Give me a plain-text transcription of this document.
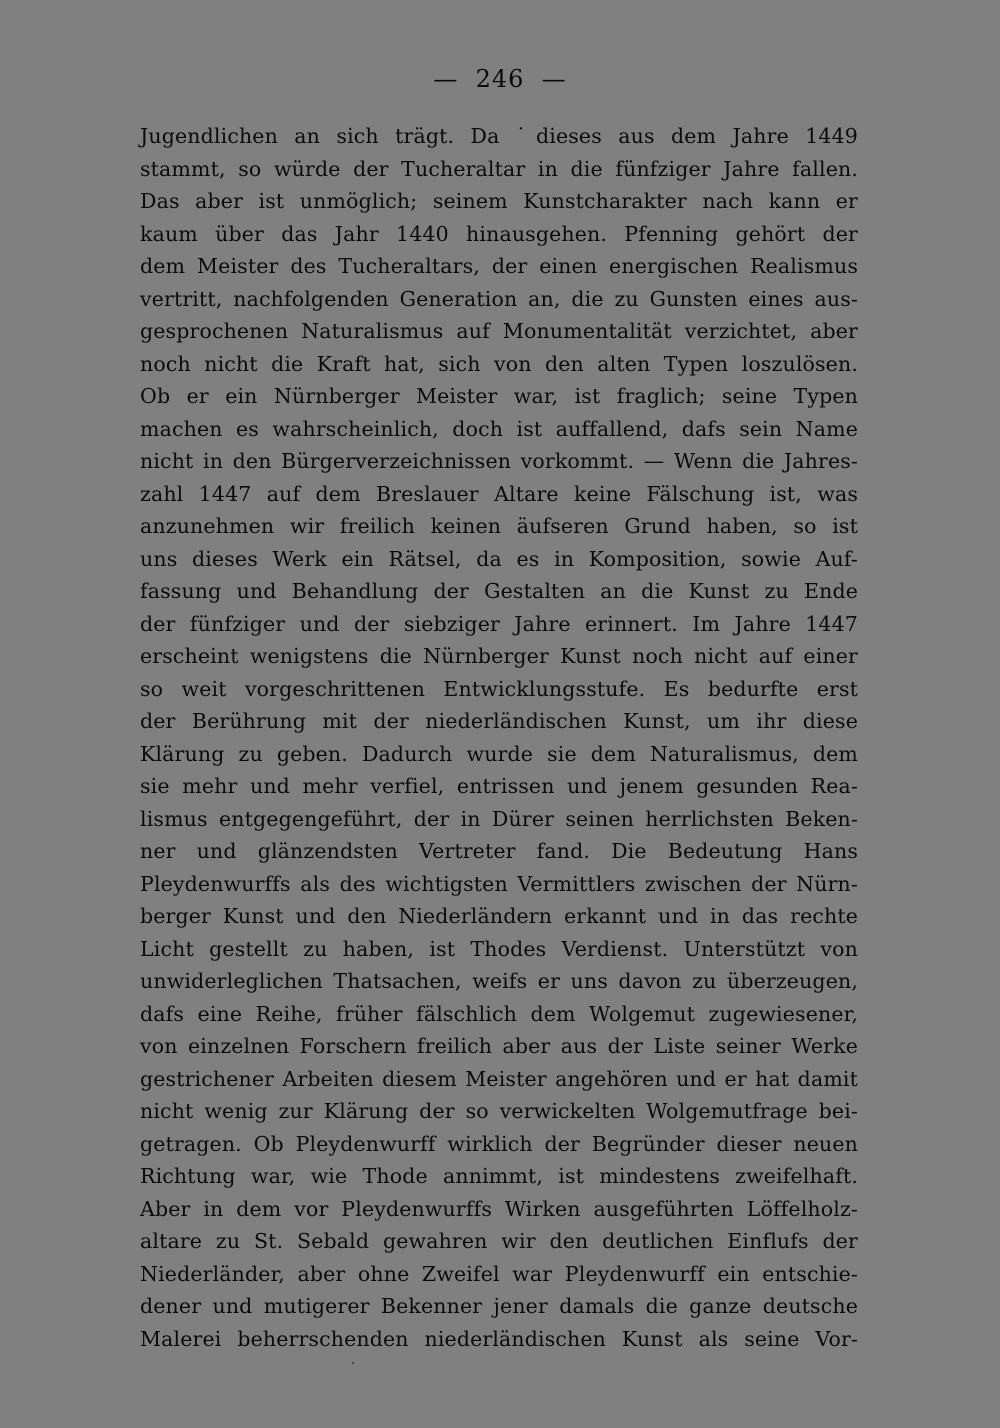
—  246  —
Jugendlichen an sich trägt. Da ˙dieses aus dem Jahre 1449
stammt, so würde der Tucheraltar in die fünfziger Jahre fallen.
Das aber ist unmöglich; seinem Kunstcharakter nach kann er
kaum über das Jahr 1440 hinausgehen. Pfenning gehört der
dem Meister des Tucheraltars, der einen energischen Realismus
vertritt, nachfolgenden Generation an, die zu Gunsten eines aus-
gesprochenen Naturalismus auf Monumentalität verzichtet, aber
noch nicht die Kraft hat, sich von den alten Typen loszulösen.
Ob er ein Nürnberger Meister war, ist fraglich; seine Typen
machen es wahrscheinlich, doch ist auffallend, dafs sein Name
nicht in den Bürgerverzeichnissen vorkommt. — Wenn die Jahres-
zahl 1447 auf dem Breslauer Altare keine Fälschung ist, was
anzunehmen wir freilich keinen äufseren Grund haben, so ist
uns dieses Werk ein Rätsel, da es in Komposition, sowie Auf-
fassung und Behandlung der Gestalten an die Kunst zu Ende
der fünfziger und der siebziger Jahre erinnert. Im Jahre 1447
erscheint wenigstens die Nürnberger Kunst noch nicht auf einer
so weit vorgeschrittenen Entwicklungsstufe. Es bedurfte erst
der Berührung mit der niederländischen Kunst, um ihr diese
Klärung zu geben. Dadurch wurde sie dem Naturalismus, dem
sie mehr und mehr verfiel, entrissen und jenem gesunden Rea-
lismus entgegengeführt, der in Dürer seinen herrlichsten Beken-
ner und glänzendsten Vertreter fand. Die Bedeutung Hans
Pleydenwurffs als des wichtigsten Vermittlers zwischen der Nürn-
berger Kunst und den Niederländern erkannt und in das rechte
Licht gestellt zu haben, ist Thodes Verdienst. Unterstützt von
unwiderleglichen Thatsachen, weifs er uns davon zu überzeugen,
dafs eine Reihe, früher fälschlich dem Wolgemut zugewiesener,
von einzelnen Forschern freilich aber aus der Liste seiner Werke
gestrichener Arbeiten diesem Meister angehören und er hat damit
nicht wenig zur Klärung der so verwickelten Wolgemutfrage bei-
getragen. Ob Pleydenwurff wirklich der Begründer dieser neuen
Richtung war, wie Thode annimmt, ist mindestens zweifelhaft.
Aber in dem vor Pleydenwurffs Wirken ausgeführten Löffelholz-
altare zu St. Sebald gewahren wir den deutlichen Einflufs der
Niederländer, aber ohne Zweifel war Pleydenwurff ein entschie-
dener und mutigerer Bekenner jener damals die ganze deutsche
Malerei beherrschenden niederländischen Kunst als seine Vor-
